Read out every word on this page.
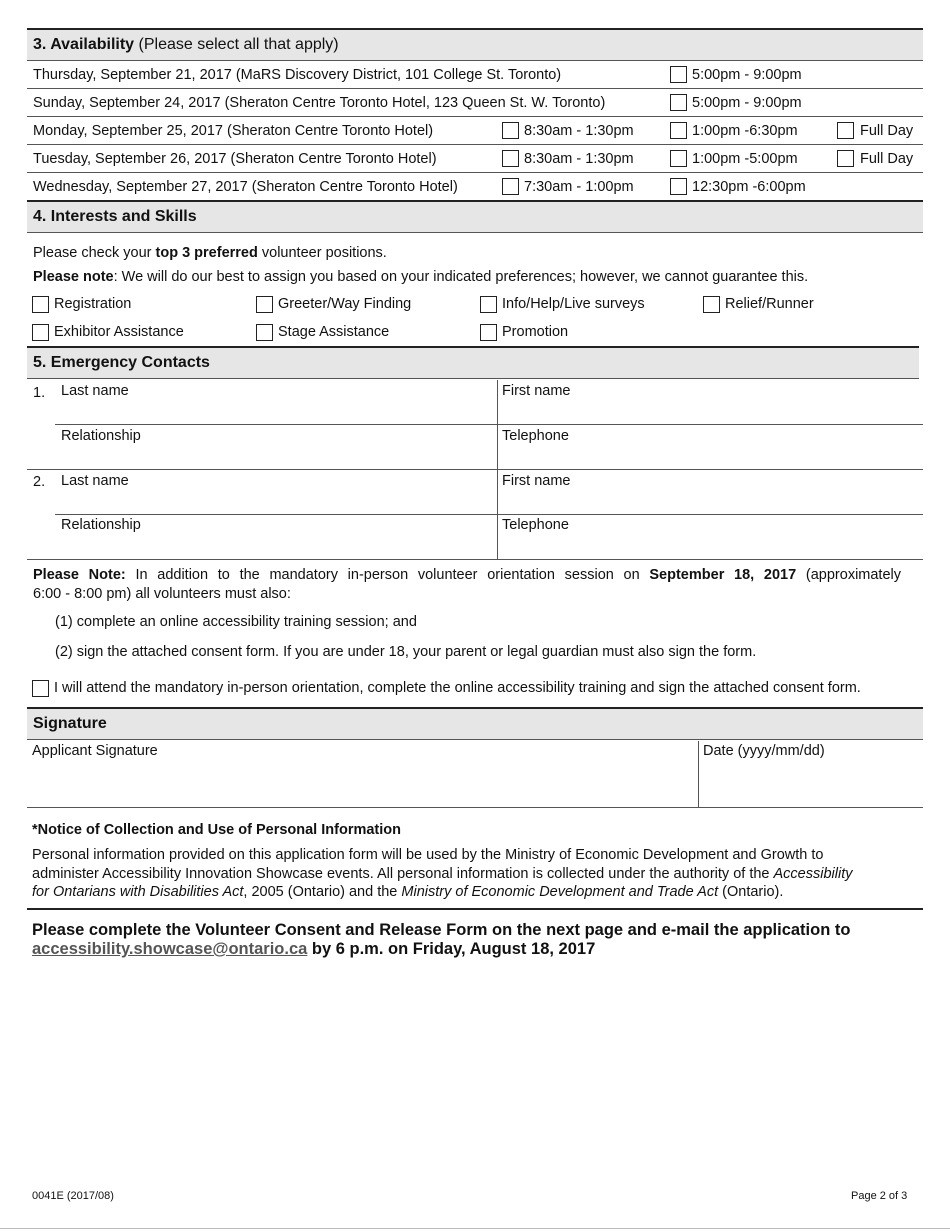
3. Availability (Please select all that apply)
Thursday, September 21, 2017 (MaRS Discovery District, 101 College St. Toronto)	5:00pm - 9:00pm
Sunday, September 24, 2017 (Sheraton Centre Toronto Hotel, 123 Queen St. W. Toronto)	5:00pm - 9:00pm
Monday, September 25, 2017 (Sheraton Centre Toronto Hotel)	8:30am - 1:30pm	1:00pm -6:30pm	Full Day
Tuesday, September 26, 2017 (Sheraton Centre Toronto Hotel)	8:30am - 1:30pm	1:00pm -5:00pm	Full Day
Wednesday, September 27, 2017 (Sheraton Centre Toronto Hotel)	7:30am - 1:00pm	12:30pm -6:00pm
4. Interests and Skills
Please check your top 3 preferred volunteer positions.
Please note: We will do our best to assign you based on your indicated preferences; however, we cannot guarantee this.
Registration	Greeter/Way Finding	Info/Help/Live surveys	Relief/Runner
Exhibitor Assistance	Stage Assistance	Promotion
5. Emergency Contacts
1. Last name	First name
Relationship	Telephone
2. Last name	First name
Relationship	Telephone
Please Note: In addition to the mandatory in-person volunteer orientation session on September 18, 2017 (approximately
6:00 - 8:00 pm) all volunteers must also:
(1) complete an online accessibility training session; and
(2) sign the attached consent form. If you are under 18, your parent or legal guardian must also sign the form.
I will attend the mandatory in-person orientation, complete the online accessibility training and sign the attached consent form.
Signature
Applicant Signature	Date (yyyy/mm/dd)
*Notice of Collection and Use of Personal Information
Personal information provided on this application form will be used by the Ministry of Economic Development and Growth to
administer Accessibility Innovation Showcase events. All personal information is collected under the authority of the Accessibility
for Ontarians with Disabilities Act, 2005 (Ontario) and the Ministry of Economic Development and Trade Act (Ontario).
Please complete the Volunteer Consent and Release Form on the next page and e-mail the application to
accessibility.showcase@ontario.ca by 6 p.m. on Friday, August 18, 2017
0041E (2017/08)	Page 2 of 3
